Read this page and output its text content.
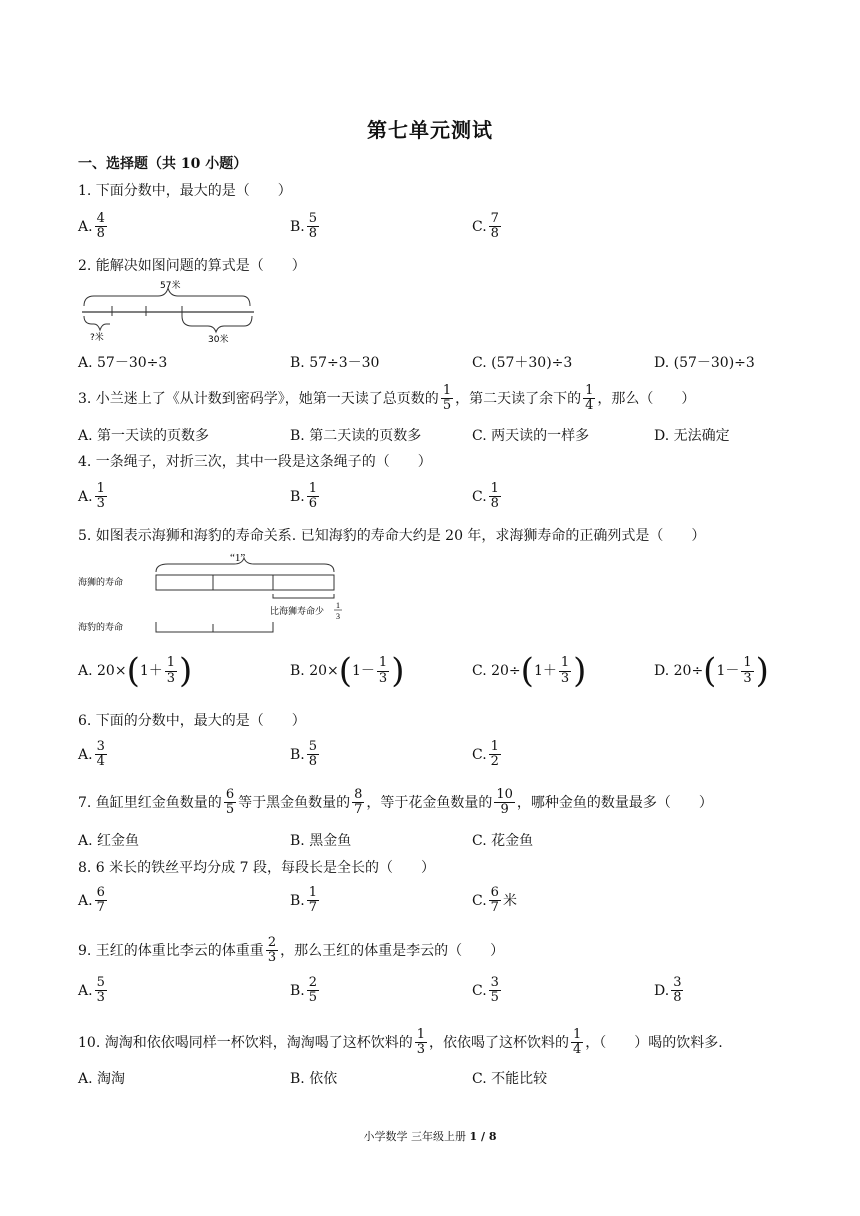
第七单元测试
一、选择题（共 10 小题）
1. 下面分数中，最大的是（　　）
A. $\frac{4}{8}$	B. $\frac{5}{8}$	C. $\frac{7}{8}$
2. 能解决如图问题的算式是（　　）
57米
?米	30米
A. 57－30÷3	B. 57÷3－30	C. (57＋30)÷3	D. (57－30)÷3
3. 小兰迷上了《从计数到密码学》，她第一天读了总页数的 $\frac{1}{5}$ ，第二天读了余下的 $\frac{1}{4}$ ，那么（　　）
A. 第一天读的页数多	B. 第二天读的页数多	C. 两天读的一样多	D. 无法确定
4. 一条绳子，对折三次，其中一段是这条绳子的（　　）
A. $\frac{1}{3}$	B. $\frac{1}{6}$	C. $\frac{1}{8}$
5. 如图表示海狮和海豹的寿命关系. 已知海豹的寿命大约是 20 年，求海狮寿命的正确列式是（　　）
“1”
海狮的寿命
比海狮寿命少
1
3
海豹的寿命
A. $20\times(1+ \frac{1}{3}$ )	B. $20\times(1- \frac{1}{3}$ )	C. $20\div(1+ \frac{1}{3}$ )	D. $20\div(1- \frac{1}{3}$ )
6. 下面的分数中，最大的是（　　）
A. $\frac{3}{4}$	B. $\frac{5}{8}$	C. $\frac{1}{2}$
7. 鱼缸里红金鱼数量的 $\frac{6}{5}$ 等于黑金鱼数量的 $\frac{8}{7}$ ，等于花金鱼数量的 $\frac{10}{9}$ ，哪种金鱼的数量最多（　　）
A. 红金鱼	B. 黑金鱼	C. 花金鱼
8. 6 米长的铁丝平均分成 7 段，每段长是全长的（　　）
A. $\frac{6}{7}$	B. $\frac{1}{7}$	C. $\frac{6}{7}$ 米
9. 王红的体重比李云的体重重 $\frac{2}{3}$ ，那么王红的体重是李云的（　　）
A. $\frac{5}{3}$	B. $\frac{2}{5}$	C. $\frac{3}{5}$	D. $\frac{3}{8}$
10. 淘淘和依依喝同样一杯饮料，淘淘喝了这杯饮料的 $\frac{1}{3}$ ，依依喝了这杯饮料的 $\frac{1}{4}$ ，（　　）喝的饮料多.
A. 淘淘	B. 依依	C. 不能比较
小学数学 三年级上册 1 / 8
